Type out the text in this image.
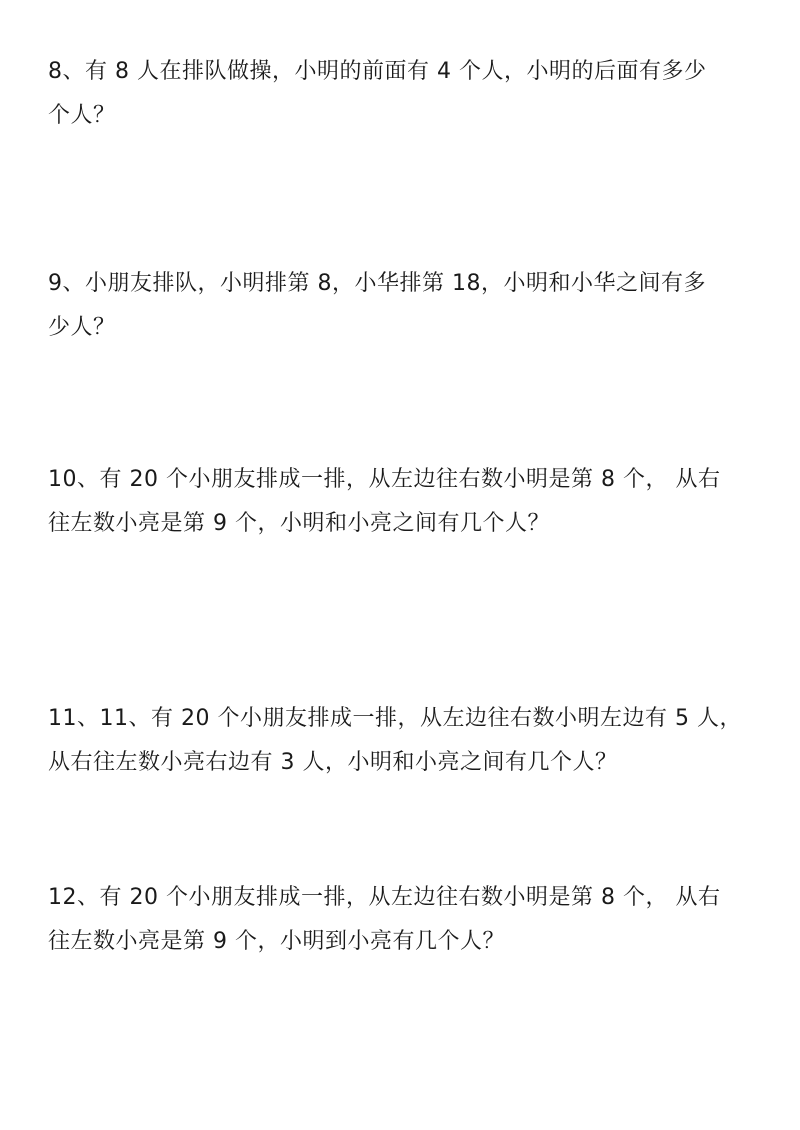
8、有 8 人在排队做操，小明的前面有 4 个人，小明的后面有多少

个人？

9、小朋友排队，小明排第 8，小华排第 18，小明和小华之间有多

少人？

10、有 20 个小朋友排成一排，从左边往右数小明是第 8 个， 从右

往左数小亮是第 9 个，小明和小亮之间有几个人？

11、11、有 20 个小朋友排成一排，从左边往右数小明左边有 5 人，

从右往左数小亮右边有 3 人，小明和小亮之间有几个人？

12、有 20 个小朋友排成一排，从左边往右数小明是第 8 个， 从右

往左数小亮是第 9 个，小明到小亮有几个人？
